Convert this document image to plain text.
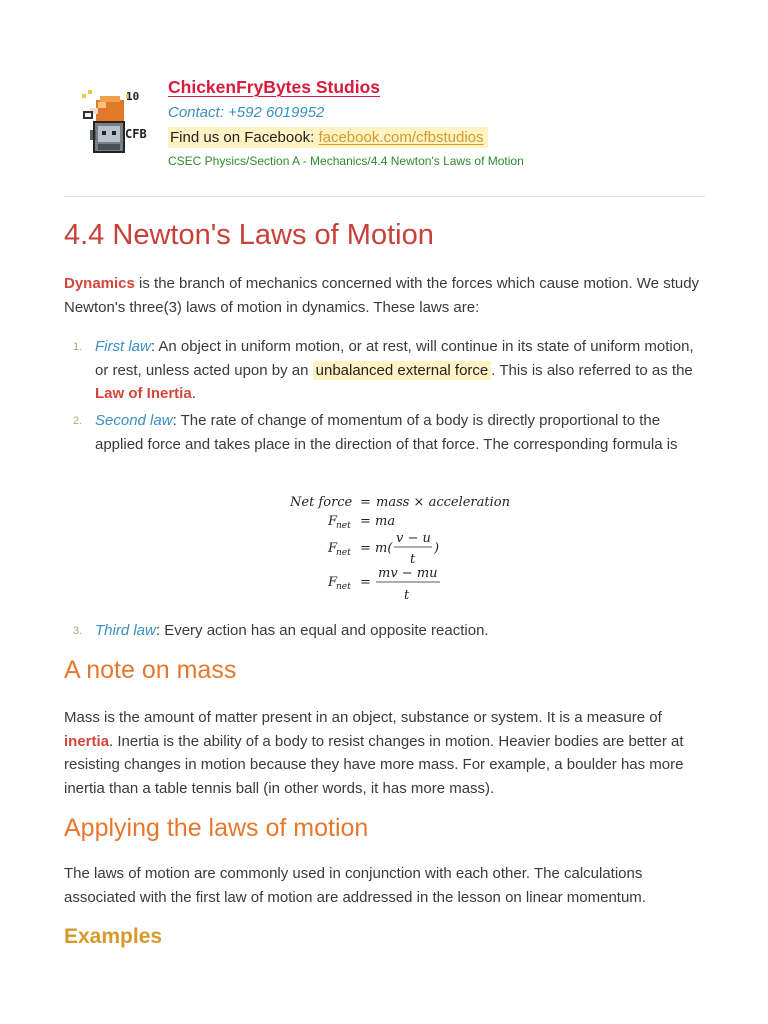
10
CFB
ChickenFryBytes Studios
Contact: +592 6019952
Find us on Facebook: facebook.com/cfbstudios
CSEC Physics/Section A - Mechanics/4.4 Newton's Laws of Motion
4.4 Newton's Laws of Motion
Dynamics is the branch of mechanics concerned with the forces which cause motion. We study Newton's three(3) laws of motion in dynamics. These laws are:
1. First law: An object in uniform motion, or at rest, will continue in its state of uniform motion, or rest, unless acted upon by an unbalanced external force . This is also referred to as the Law of Inertia.
2. Second law: The rate of change of momentum of a body is directly proportional to the applied force and takes place in the direction of that force. The corresponding formula is
Net force = mass × acceleration
F
net = ma
F
net = m(
v − u
t
)
F
net =
mv − mu
t
3. Third law: Every action has an equal and opposite reaction.
A note on mass
Mass is the amount of matter present in an object, substance or system. It is a measure of inertia. Inertia is the ability of a body to resist changes in motion. Heavier bodies are better at resisting changes in motion because they have more mass. For example, a boulder has more inertia than a table tennis ball (in other words, it has more mass).
Applying the laws of motion
The laws of motion are commonly used in conjunction with each other. The calculations associated with the first law of motion are addressed in the lesson on linear momentum.
Examples
